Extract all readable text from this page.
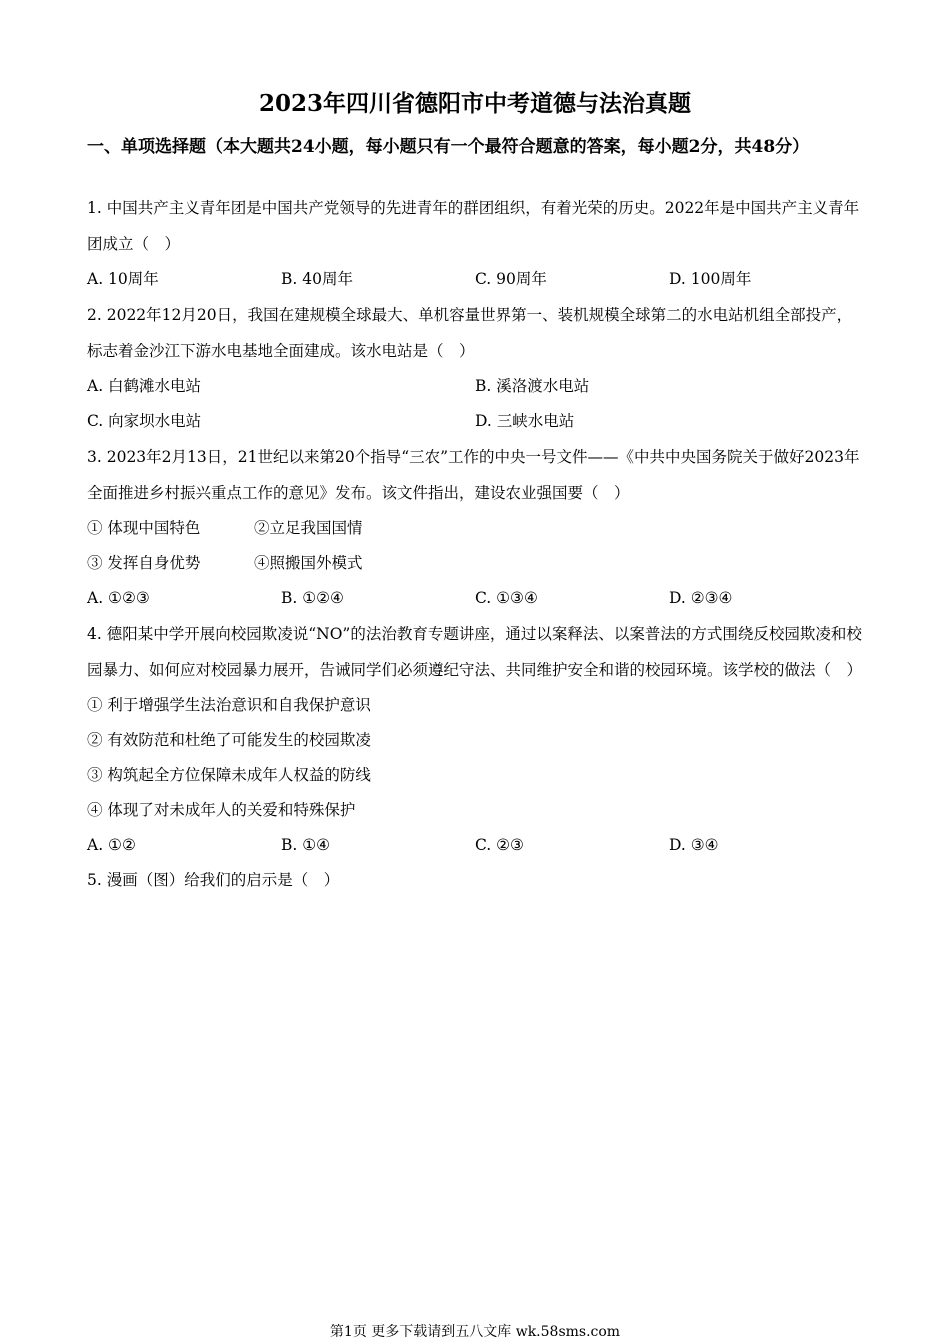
2023年四川省德阳市中考道德与法治真题
一、单项选择题（本大题共24小题，每小题只有一个最符合题意的答案，每小题2分，共48分）
1. 中国共产主义青年团是中国共产党领导的先进青年的群团组织，有着光荣的历史。2022年是中国共产主义青年团成立（　）
A. 10周年	B. 40周年	C. 90周年	D. 100周年
2. 2022年12月20日，我国在建规模全球最大、单机容量世界第一、装机规模全球第二的水电站机组全部投产，标志着金沙江下游水电基地全面建成。该水电站是（　）
A. 白鹤滩水电站	B. 溪洛渡水电站
C. 向家坝水电站	D. 三峡水电站
3. 2023年2月13日，21世纪以来第20个指导“三农”工作的中央一号文件——《中共中央国务院关于做好2023年全面推进乡村振兴重点工作的意见》发布。该文件指出，建设农业强国要（　）
① 体现中国特色	②立足我国国情
③ 发挥自身优势	④照搬国外模式
A. ①②③	B. ①②④	C. ①③④	D. ②③④
4. 德阳某中学开展向校园欺凌说“NO”的法治教育专题讲座，通过以案释法、以案普法的方式围绕反校园欺凌和校园暴力、如何应对校园暴力展开，告诫同学们必须遵纪守法、共同维护安全和谐的校园环境。该学校的做法（　）
① 利于增强学生法治意识和自我保护意识
② 有效防范和杜绝了可能发生的校园欺凌
③ 构筑起全方位保障未成年人权益的防线
④ 体现了对未成年人的关爱和特殊保护
A. ①②	B. ①④	C. ②③	D. ③④
5. 漫画（图）给我们的启示是（　）
第1页 更多下载请到五八文库 wk.58sms.com
